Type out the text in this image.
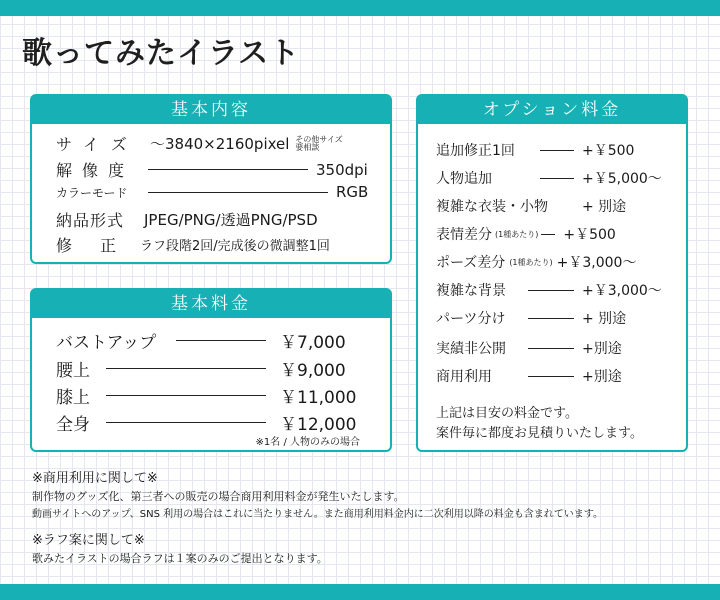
歌ってみたイラスト
基本内容
サイズ ～3840×2160pixel その他サイズ
要相談
解像度	350dpi
カラーモード	RGB
納品形式	JPEG/PNG/透過PNG/PSD
修　正	ラフ段階2回/完成後の微調整1回
基本料金
バストアップ	￥7,000
腰上	￥9,000
膝上	￥11,000
全身	￥12,000
※1名 / 人物のみの場合
オプション料金
追加修正1回	+￥500
人物追加	+￥5,000～
複雑な衣装・小物	+ 別途
表情差分 (1種あたり) +￥500
ポーズ差分 (1種あたり) +￥3,000～
複雑な背景	+￥3,000～
パーツ分け	+ 別途
実績非公開	+別途
商用利用	+別途
上記は目安の料金です。
案件毎に都度お見積りいたします。
※商用利用に関して※
制作物のグッズ化、第三者への販売の場合商用利用料金が発生いたします。
動画サイトへのアップ、SNS 利用の場合はこれに当たりません。また商用利用料金内に二次利用以降の料金も含まれています。
※ラフ案に関して※
歌みたイラストの場合ラフは１案のみのご提出となります。
